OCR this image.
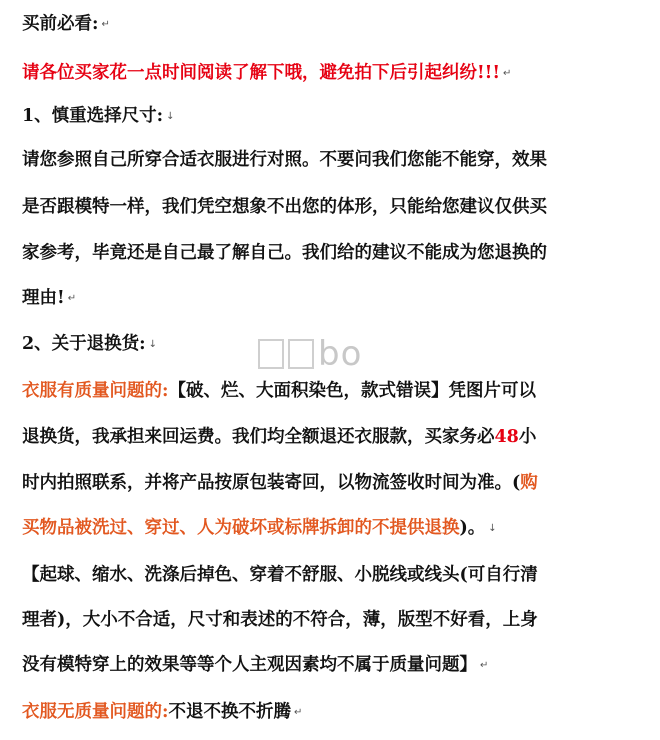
买前必看: ↵
请各位买家花一点时间阅读了解下哦，避免拍下后引起纠纷!!! ↵
1、慎重选择尺寸: ↓
请您参照自己所穿合适衣服进行对照。不要问我们您能不能穿，效果
是否跟模特一样，我们凭空想象不出您的体形，只能给您建议仅供买
家参考，毕竟还是自己最了解自己。我们给的建议不能成为您退换的
理由! ↵
2、关于退换货: ↓	bo
衣服有质量问题的:【破、烂、大面积染色，款式错误】凭图片可以
退换货，我承担来回运费。我们均全额退还衣服款，买家务必48小
时内拍照联系，并将产品按原包装寄回，以物流签收时间为准。(购
买物品被洗过、穿过、人为破坏或标牌拆卸的不提供退换)。 ↓
【起球、缩水、洗涤后掉色、穿着不舒服、小脱线或线头(可自行清
理者)，大小不合适，尺寸和表述的不符合，薄，版型不好看，上身
没有模特穿上的效果等等个人主观因素均不属于质量问题】 ↵
衣服无质量问题的:不退不换不折腾 ↵
